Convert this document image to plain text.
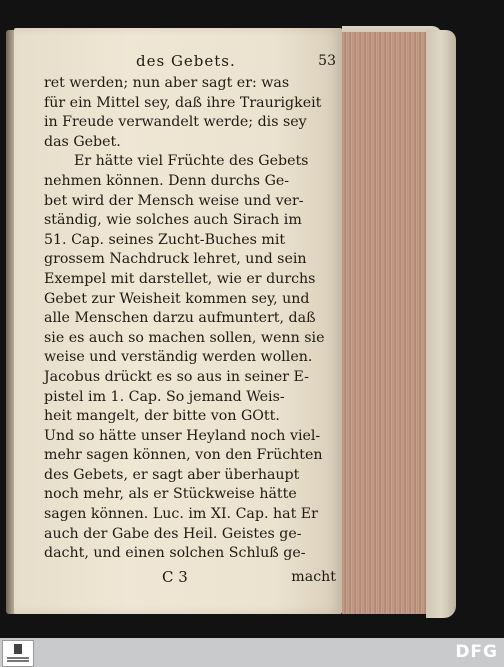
des Gebets.	53
ret werden; nun aber sagt er: was
für ein Mittel sey, daß ihre Traurigkeit
in Freude verwandelt werde; dis sey
das Gebet.
Er hätte viel Früchte des Gebets
nehmen können. Denn durchs Ge-
bet wird der Mensch weise und ver-
ständig, wie solches auch Sirach im
51. Cap. seines Zucht-Buches mit
grossem Nachdruck lehret, und sein
Exempel mit darstellet, wie er durchs
Gebet zur Weisheit kommen sey, und
alle Menschen darzu aufmuntert, daß
sie es auch so machen sollen, wenn sie
weise und verständig werden wollen.
Jacobus drückt es so aus in seiner E-
pistel im 1. Cap. So jemand Weis-
heit mangelt, der bitte von GOtt.
Und so hätte unser Heyland noch viel-
mehr sagen können, von den Früchten
des Gebets, er sagt aber überhaupt
noch mehr, als er Stückweise hätte
sagen können. Luc. im XI. Cap. hat Er
auch der Gabe des Heil. Geistes ge-
dacht, und einen solchen Schluß ge-
C 3	macht
DFG
